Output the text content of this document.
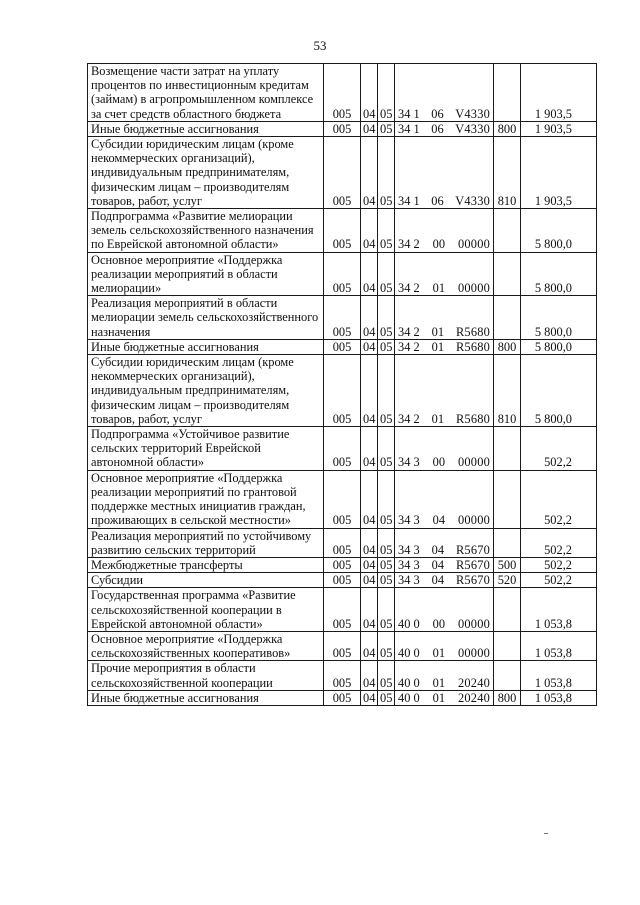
53
Возмещение части затрат на уплату процентов по инвестиционным кредитам (займам) в агропромышленном комплексе за счет средств областного бюджета	005	04	05	34 1 06 V4330		1 903,5
Иные бюджетные ассигнования	005	04	05	34 1 06 V4330	800	1 903,5
Субсидии юридическим лицам (кроме некоммерческих организаций), индивидуальным предпринимателям, физическим лицам – производителям товаров, работ, услуг	005	04	05	34 1 06 V4330	810	1 903,5
Подпрограмма «Развитие мелиорации земель сельскохозяйственного назначения по Еврейской автономной области»	005	04	05	34 2 00 00000		5 800,0
Основное мероприятие «Поддержка реализации мероприятий в области мелиорации»	005	04	05	34 2 01 00000		5 800,0
Реализация мероприятий в области мелиорации земель сельскохозяйственного назначения	005	04	05	34 2 01 R5680		5 800,0
Иные бюджетные ассигнования	005	04	05	34 2 01 R5680	800	5 800,0
Субсидии юридическим лицам (кроме некоммерческих организаций), индивидуальным предпринимателям, физическим лицам – производителям товаров, работ, услуг	005	04	05	34 2 01 R5680	810	5 800,0
Подпрограмма «Устойчивое развитие сельских территорий Еврейской автономной области»	005	04	05	34 3 00 00000		502,2
Основное мероприятие «Поддержка реализации мероприятий по грантовой поддержке местных инициатив граждан, проживающих в сельской местности»	005	04	05	34 3 04 00000		502,2
Реализация мероприятий по устойчивому развитию сельских территорий	005	04	05	34 3 04 R5670		502,2
Межбюджетные трансферты	005	04	05	34 3 04 R5670	500	502,2
Субсидии	005	04	05	34 3 04 R5670	520	502,2
Государственная программа «Развитие сельскохозяйственной кооперации в Еврейской автономной области»	005	04	05	40 0 00 00000		1 053,8
Основное мероприятие «Поддержка сельскохозяйственных кооперативов»	005	04	05	40 0 01 00000		1 053,8
Прочие мероприятия в области сельскохозяйственной кооперации	005	04	05	40 0 01 20240		1 053,8
Иные бюджетные ассигнования	005	04	05	40 0 01 20240	800	1 053,8
